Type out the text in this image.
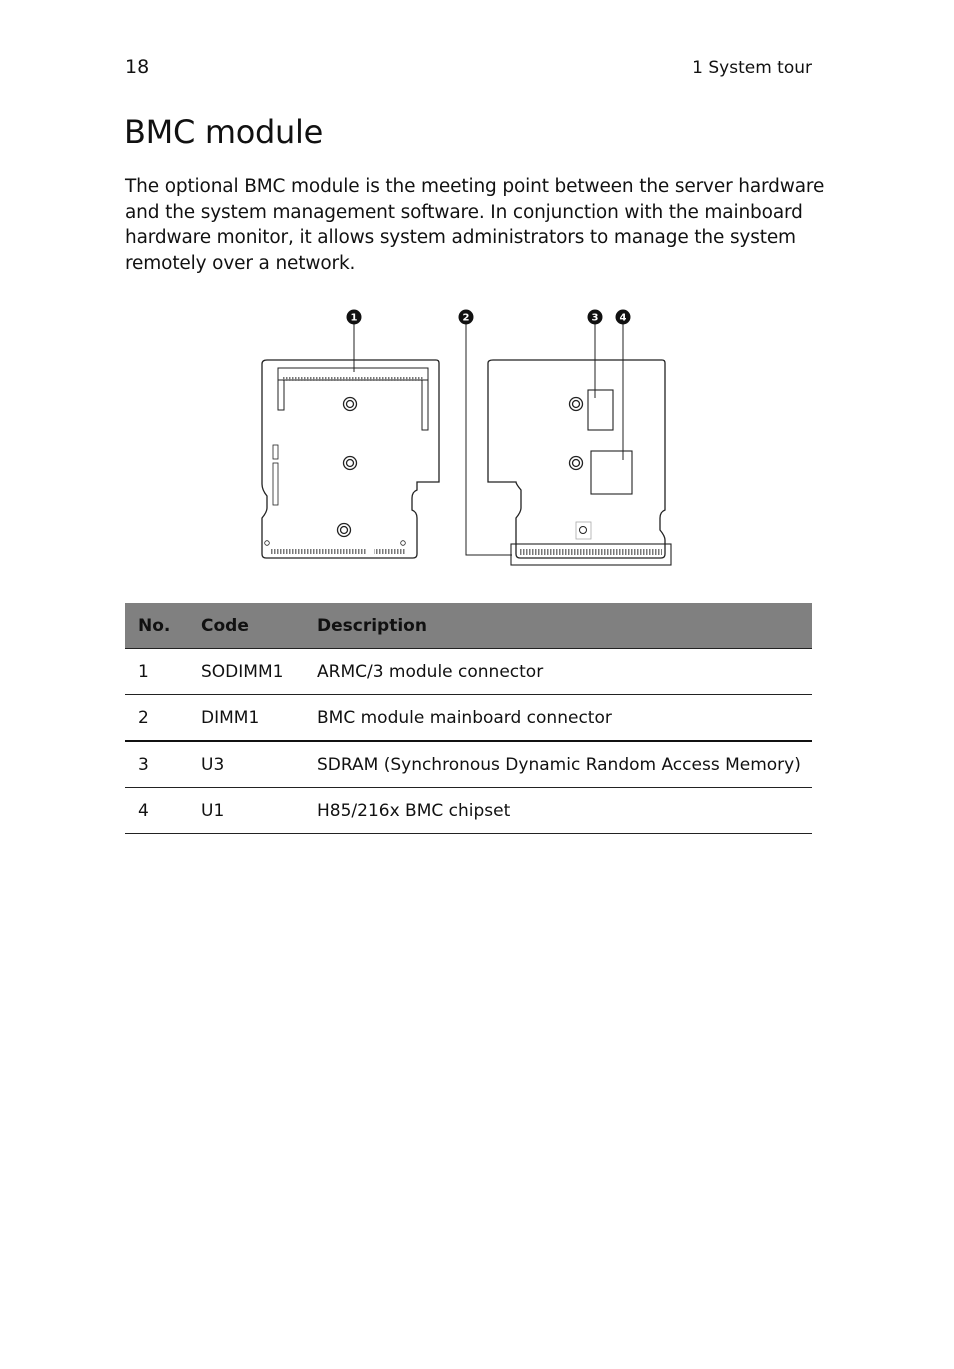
18	1 System tour
BMC module

The optional BMC module is the meeting point between the server hardware and the system management software. In conjunction with the mainboard hardware monitor, it allows system administrators to manage the system remotely over a network.

1	2	3 4
No.	Code	Description
1	SODIMM1	ARMC/3 module connector
2	DIMM1	BMC module mainboard connector
3	U3	SDRAM (Synchronous Dynamic Random Access Memory)
4	U1	H85/216x BMC chipset
